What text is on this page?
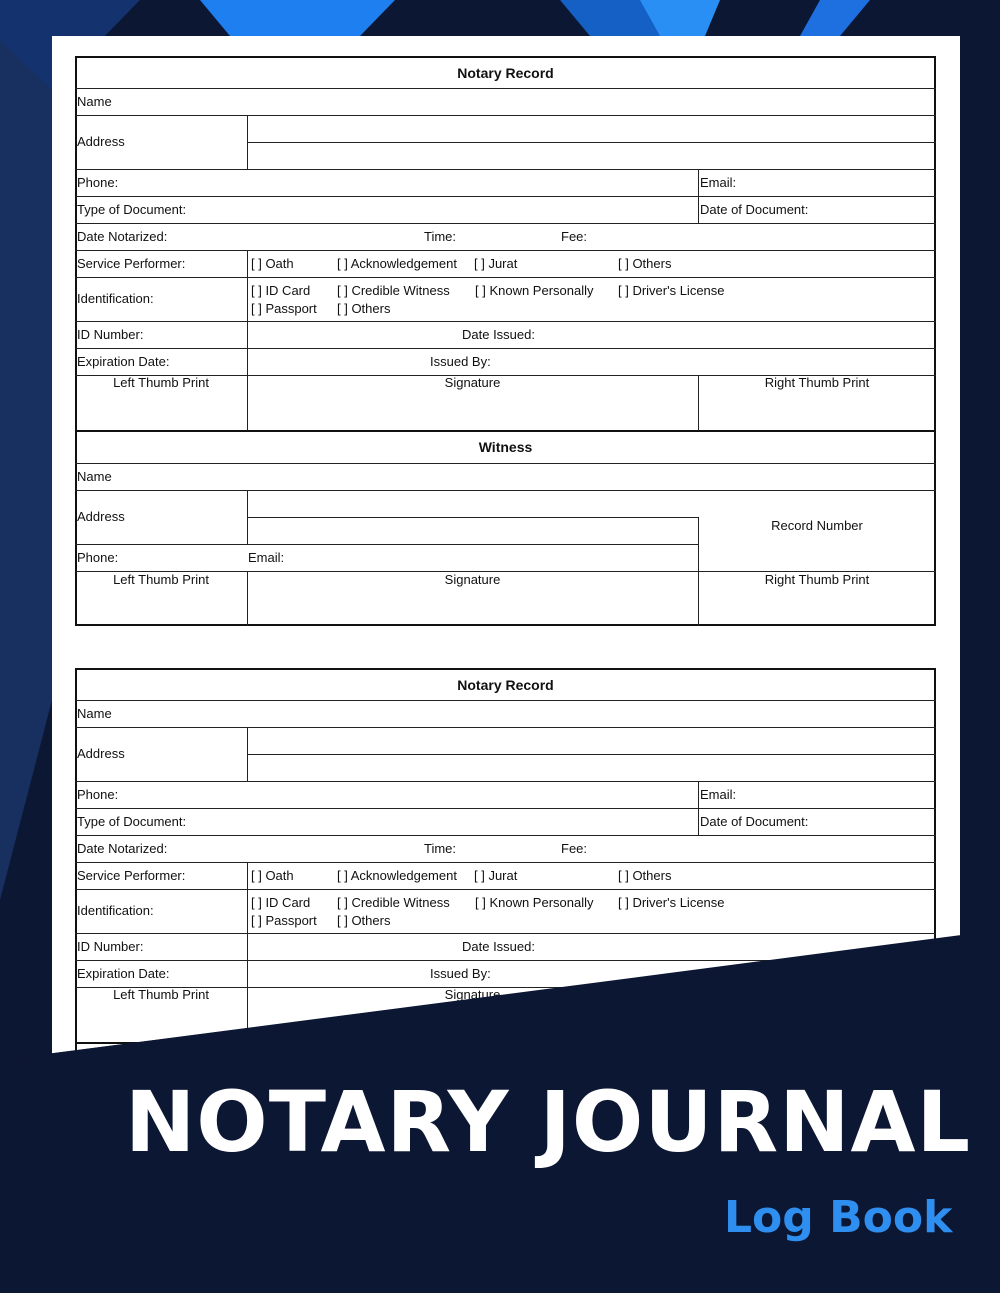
Notary Record
Name
Address
Phone:	Email:
Type of Document:	Date of Document:
Date Notarized:	Time:	Fee:
Service Performer:	[ ] Oath	[ ] Acknowledgement [ ] Jurat	[ ] Others
Identification:
[ ] ID Card [ ] Credible Witness [ ] Known Personally [ ] Driver's License
[ ] Passport [ ] Others
ID Number:	Date Issued:
Expiration Date:	Issued By:
Left Thumb Print	Signature	Right Thumb Print
Witness
Name
Address
Record Number
Phone:	Email:
Left Thumb Print	Signature	Right Thumb Print
Notary Record
Name
Address
Phone:	Email:
Type of Document:	Date of Document:
Date Notarized:	Time:	Fee:
Service Performer:	[ ] Oath	[ ] Acknowledgement [ ] Jurat	[ ] Others
Identification:
[ ] ID Card [ ] Credible Witness [ ] Known Personally [ ] Driver's License
[ ] Passport [ ] Others
ID Number:	Date Issued:
Expiration Date:	Issued By:
Left Thumb Print	Signature
NOTARY JOURNAL
Log Book
